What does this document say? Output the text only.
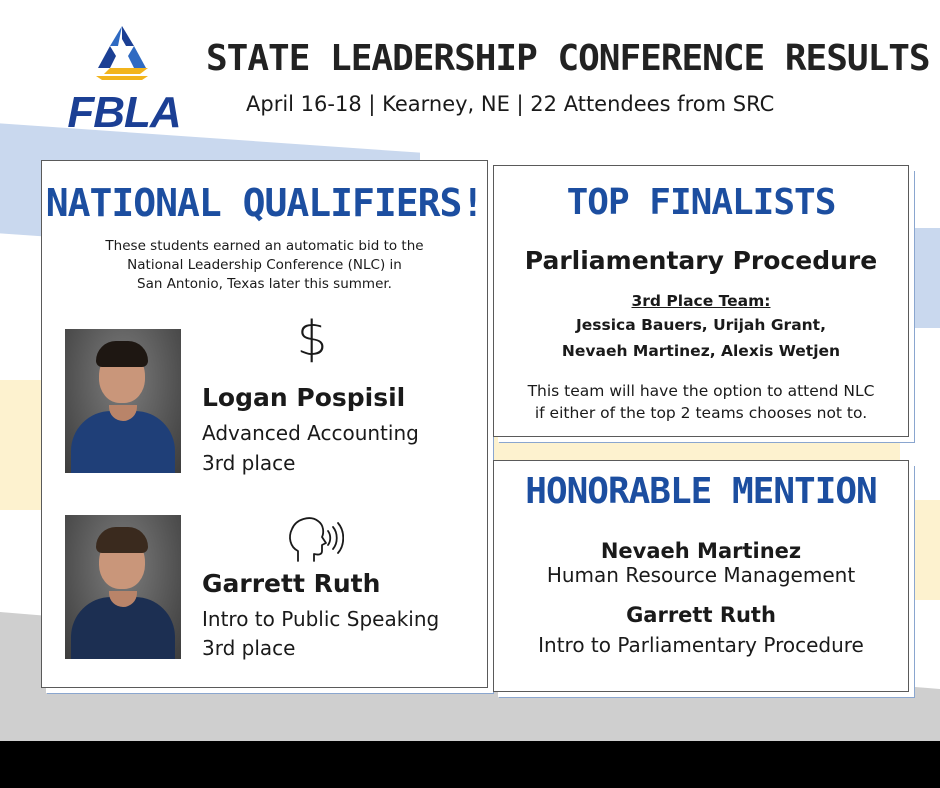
FBLA
STATE LEADERSHIP CONFERENCE RESULTS
April 16-18 | Kearney, NE | 22 Attendees from SRC
NATIONAL QUALIFIERS!
These students earned an automatic bid to the
National Leadership Conference (NLC) in
San Antonio, Texas later this summer.
$
Logan Pospisil
Advanced Accounting
3rd place
Garrett Ruth
Intro to Public Speaking
3rd place
TOP FINALISTS
Parliamentary Procedure
3rd Place Team:
Jessica Bauers, Urijah Grant,
Nevaeh Martinez, Alexis Wetjen
This team will have the option to attend NLC
if either of the top 2 teams chooses not to.
HONORABLE MENTION
Nevaeh Martinez
Human Resource Management
Garrett Ruth
Intro to Parliamentary Procedure
